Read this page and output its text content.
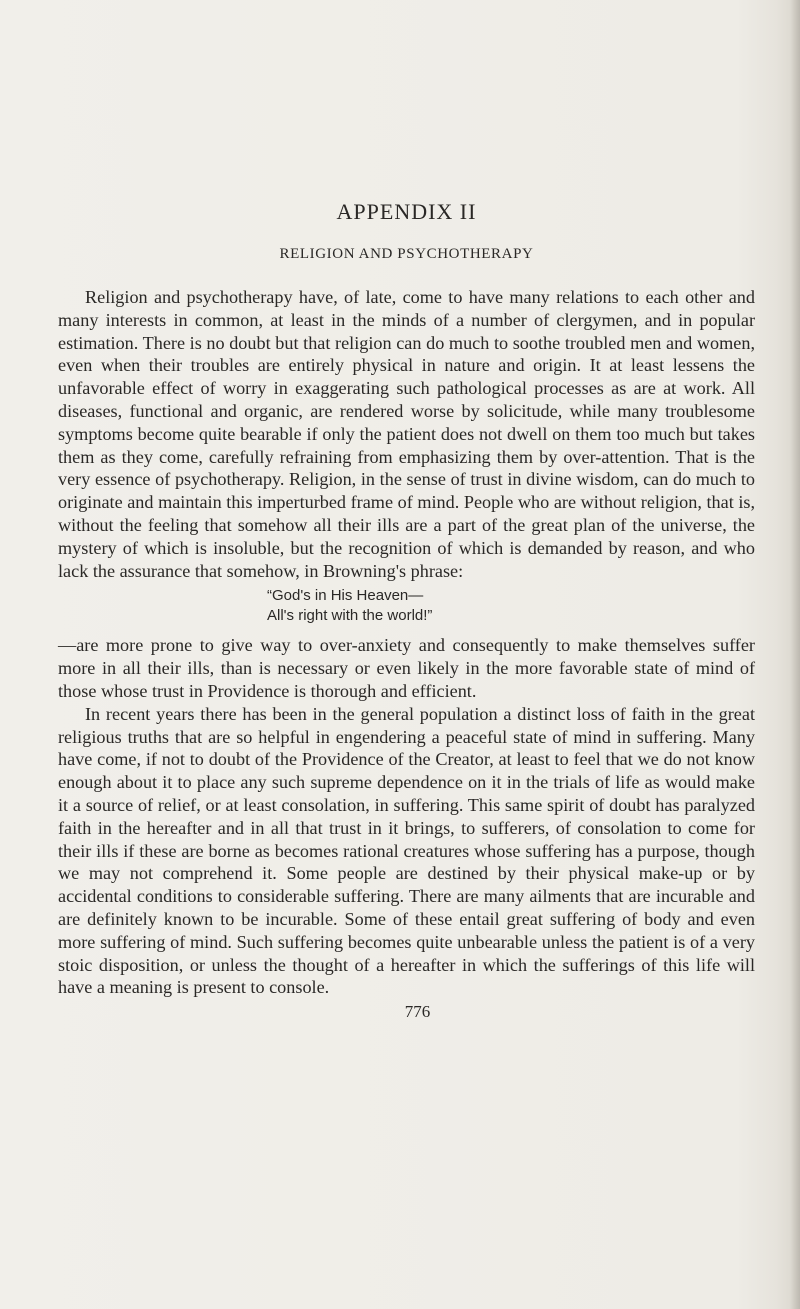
APPENDIX II
RELIGION AND PSYCHOTHERAPY

Religion and psychotherapy have, of late, come to have many relations to each other and many interests in common, at least in the minds of a number of clergymen, and in popular estimation. There is no doubt but that religion can do much to soothe troubled men and women, even when their troubles are entirely physical in nature and origin. It at least lessens the unfavorable effect of worry in exaggerating such pathological processes as are at work. All diseases, functional and organic, are rendered worse by solicitude, while many troublesome symptoms become quite bearable if only the patient does not dwell on them too much but takes them as they come, carefully refraining from emphasizing them by over-attention. That is the very essence of psychotherapy. Religion, in the sense of trust in divine wisdom, can do much to originate and maintain this imperturbed frame of mind. People who are without religion, that is, without the feeling that somehow all their ills are a part of the great plan of the universe, the mystery of which is insoluble, but the recognition of which is demanded by reason, and who lack the assurance that somehow, in Browning's phrase:

“God's in His Heaven—
All's right with the world!”

—are more prone to give way to over-anxiety and consequently to make themselves suffer more in all their ills, than is necessary or even likely in the more favorable state of mind of those whose trust in Providence is thorough and efficient.

In recent years there has been in the general population a distinct loss of faith in the great religious truths that are so helpful in engendering a peaceful state of mind in suffering. Many have come, if not to doubt of the Providence of the Creator, at least to feel that we do not know enough about it to place any such supreme dependence on it in the trials of life as would make it a source of relief, or at least consolation, in suffering. This same spirit of doubt has paralyzed faith in the hereafter and in all that trust in it brings, to sufferers, of consolation to come for their ills if these are borne as becomes rational creatures whose suffering has a purpose, though we may not comprehend it. Some people are destined by their physical make-up or by accidental conditions to considerable suffering. There are many ailments that are incurable and are definitely known to be incurable. Some of these entail great suffering of body and even more suffering of mind. Such suffering becomes quite unbearable unless the patient is of a very stoic disposition, or unless the thought of a hereafter in which the sufferings of this life will have a meaning is present to console.

776
